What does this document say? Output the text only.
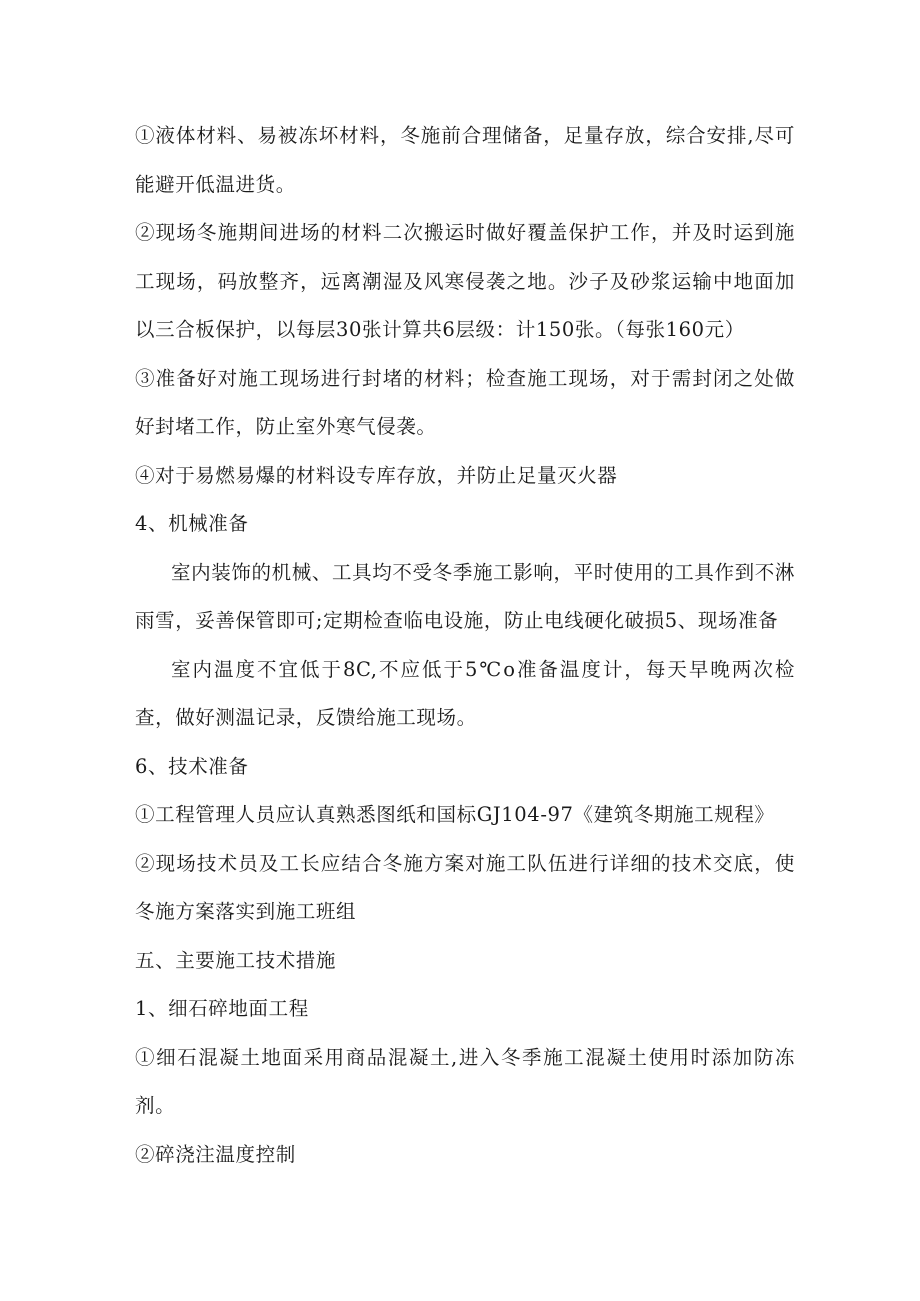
①液体材料、易被冻坏材料，冬施前合理储备，足量存放，综合安排,尽可能避开低温进货。

②现场冬施期间进场的材料二次搬运时做好覆盖保护工作，并及时运到施工现场，码放整齐，远离潮湿及风寒侵袭之地。沙子及砂浆运输中地面加以三合板保护，以每层30张计算共6层级：计150张。（每张160元）

③准备好对施工现场进行封堵的材料；检查施工现场，对于需封闭之处做好封堵工作，防止室外寒气侵袭。

④对于易燃易爆的材料设专库存放，并防止足量灭火器

4、机械准备

室内装饰的机械、工具均不受冬季施工影响，平时使用的工具作到不淋雨雪，妥善保管即可;定期检查临电设施，防止电线硬化破损5、现场准备

室内温度不宜低于8C,不应低于5℃o准备温度计，每天早晚两次检查，做好测温记录，反馈给施工现场。

6、技术准备

①工程管理人员应认真熟悉图纸和国标GJ104-97《建筑冬期施工规程》

②现场技术员及工长应结合冬施方案对施工队伍进行详细的技术交底，使冬施方案落实到施工班组

五、主要施工技术措施

1、细石碎地面工程

①细石混凝土地面采用商品混凝土,进入冬季施工混凝土使用时添加防冻剂。

②碎浇注温度控制
